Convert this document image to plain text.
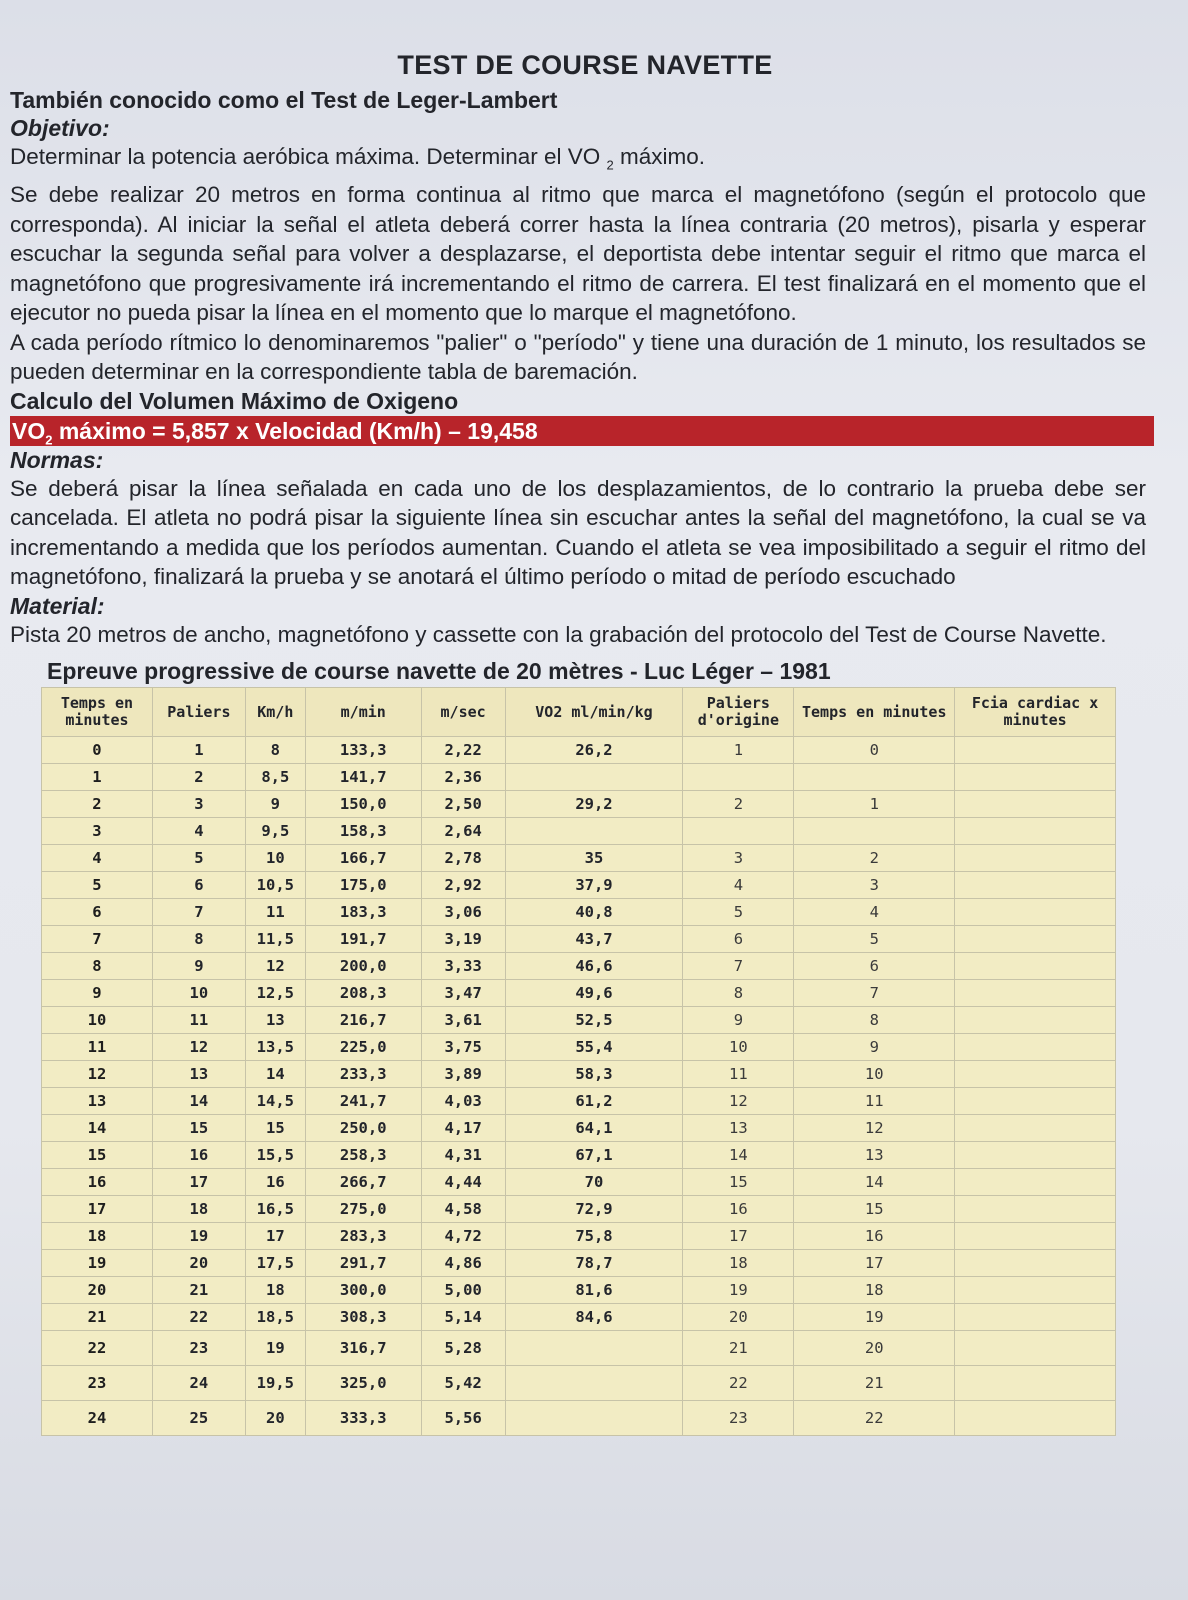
TEST DE COURSE NAVETTE
También conocido como el Test de Leger-Lambert
Objetivo:
Determinar la potencia aeróbica máxima. Determinar el VO $_2$ máximo.
Se debe realizar 20 metros en forma continua al ritmo que marca el magnetófono (según el protocolo que corresponda). Al iniciar la señal el atleta deberá correr hasta la línea contraria (20 metros), pisarla y esperar escuchar la segunda señal para volver a desplazarse, el deportista debe intentar seguir el ritmo que marca el magnetófono que progresivamente irá incrementando el ritmo de carrera. El test finalizará en el momento que el ejecutor no pueda pisar la línea en el momento que lo marque el magnetófono.
A cada período rítmico lo denominaremos "palier" o "período" y tiene una duración de 1 minuto, los resultados se pueden determinar en la correspondiente tabla de baremación.
Calculo del Volumen Máximo de Oxigeno
$VO_2$ máximo = 5,857 x Velocidad (Km/h) – 19,458
Normas:
Se deberá pisar la línea señalada en cada uno de los desplazamientos, de lo contrario la prueba debe ser cancelada. El atleta no podrá pisar la siguiente línea sin escuchar antes la señal del magnetófono, la cual se va incrementando a medida que los períodos aumentan. Cuando el atleta se vea imposibilitado a seguir el ritmo del magnetófono, finalizará la prueba y se anotará el último período o mitad de período escuchado
Material:
Pista 20 metros de ancho, magnetófono y cassette con la grabación del protocolo del Test de Course Navette.
Epreuve progressive de course navette de 20 mètres - Luc Léger – 1981
Temps en minutes	Paliers	Km/h	m/min	m/sec	VO2 ml/min/kg	Paliers d'origine	Temps en minutes	Fcia cardiac x minutes
0	1	8	133,3	2,22	26,2	1	0	
1	2	8,5	141,7	2,36				
2	3	9	150,0	2,50	29,2	2	1	
3	4	9,5	158,3	2,64				
4	5	10	166,7	2,78	35	3	2	
5	6	10,5	175,0	2,92	37,9	4	3	
6	7	11	183,3	3,06	40,8	5	4	
7	8	11,5	191,7	3,19	43,7	6	5	
8	9	12	200,0	3,33	46,6	7	6	
9	10	12,5	208,3	3,47	49,6	8	7	
10	11	13	216,7	3,61	52,5	9	8	
11	12	13,5	225,0	3,75	55,4	10	9	
12	13	14	233,3	3,89	58,3	11	10	
13	14	14,5	241,7	4,03	61,2	12	11	
14	15	15	250,0	4,17	64,1	13	12	
15	16	15,5	258,3	4,31	67,1	14	13	
16	17	16	266,7	4,44	70	15	14	
17	18	16,5	275,0	4,58	72,9	16	15	
18	19	17	283,3	4,72	75,8	17	16	
19	20	17,5	291,7	4,86	78,7	18	17	
20	21	18	300,0	5,00	81,6	19	18	
21	22	18,5	308,3	5,14	84,6	20	19	
22	23	19	316,7	5,28		21	20	
23	24	19,5	325,0	5,42		22	21	
24	25	20	333,3	5,56		23	22	
